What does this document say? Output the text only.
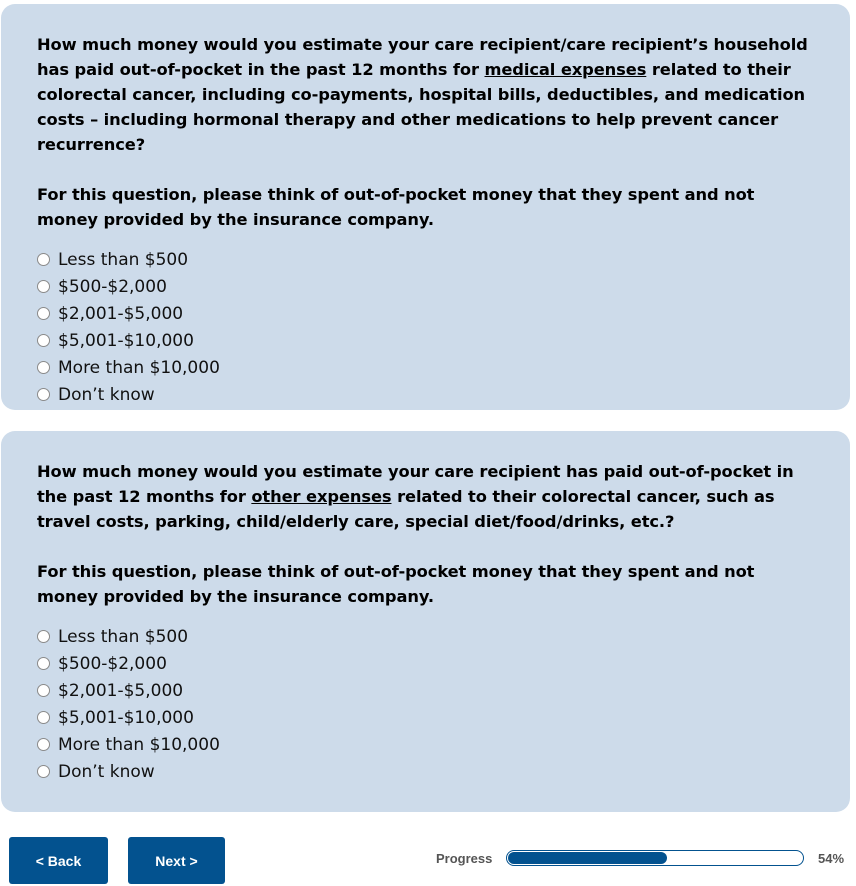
How much money would you estimate your care recipient/care recipient’s household has paid out-of-pocket in the past 12 months for medical expenses related to their colorectal cancer, including co-payments, hospital bills, deductibles, and medication costs – including hormonal therapy and other medications to help prevent cancer recurrence?

For this question, please think of out-of-pocket money that they spent and not money provided by the insurance company.

Less than $500
$500-$2,000
$2,001-$5,000
$5,001-$10,000
More than $10,000
Don’t know

How much money would you estimate your care recipient has paid out-of-pocket in the past 12 months for other expenses related to their colorectal cancer, such as travel costs, parking, child/elderly care, special diet/food/drinks, etc.?

For this question, please think of out-of-pocket money that they spent and not money provided by the insurance company.

Less than $500
$500-$2,000
$2,001-$5,000
$5,001-$10,000
More than $10,000
Don’t know
< Back	Next >	Progress	54%
